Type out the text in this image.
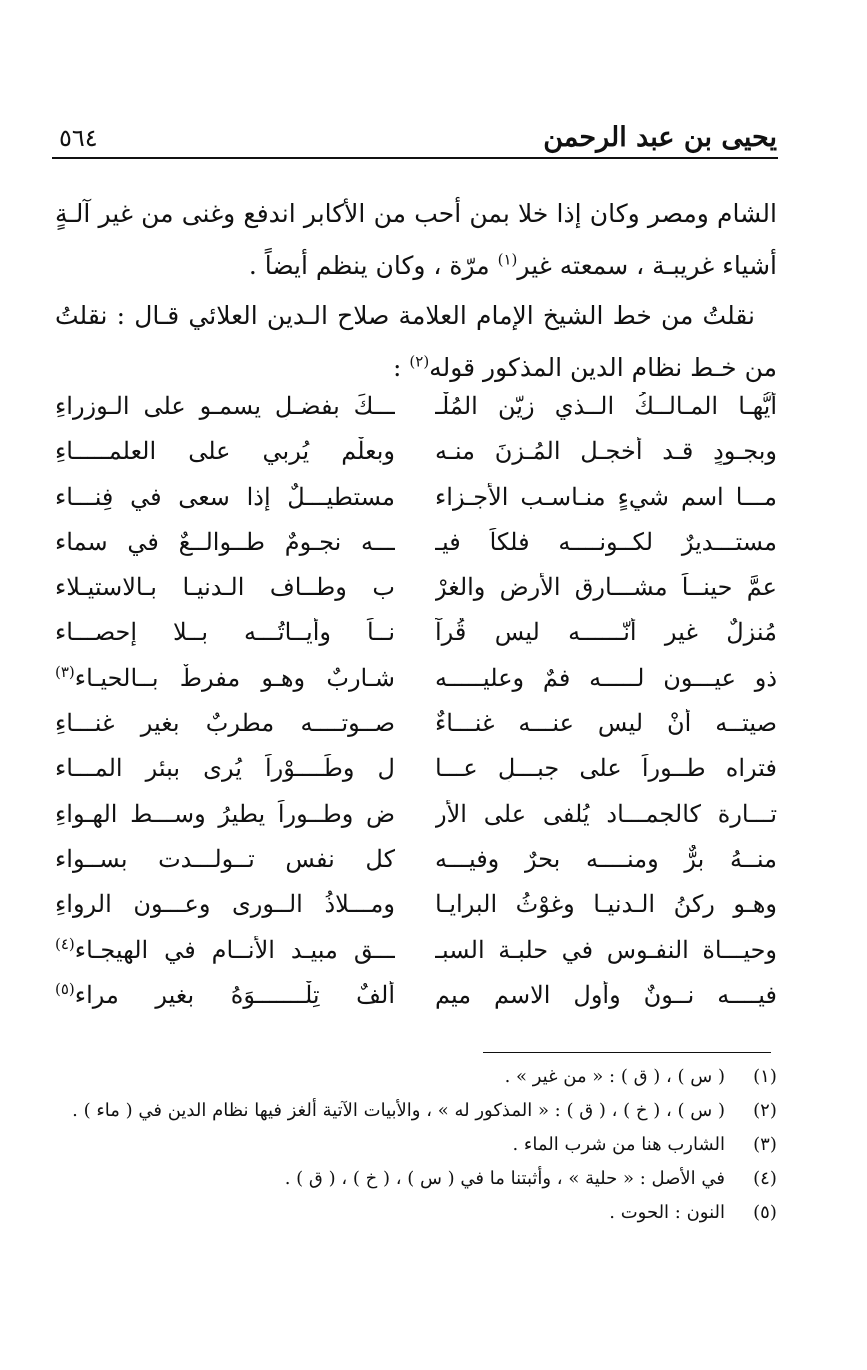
يحيى بن عبد الرحمن
٥٦٤

الشام ومصر وكان إذا خلا بمن أحب من الأكابر اندفع وغنى من غير آلـةٍ أشياء غريبـة ، سمعته غير$^{(١)}$ مرّة ، وكان ينظم أيضاً .

نقلتُ من خط الشيخ الإمام العلامة صلاح الـدين العلائي قـال : نقلتُ من خـط نظام الدين المذكور قوله$^{(٢)}$ :

أيُّهـا المـالــكُ الــذي زيّن المُلْـ
ـــكَ بفضـلٍ يسمـو على الـوزراءِ
وبجـودٍ قـد أخجـل المُـزنَ منـه
وبعلْم يُربي على العلمـــــاءِ
مـــا اسم شيءٍ منـاسـب الأجـزاء
مستطيـــلٌ إذا سعى في فِنـــاء
مستـــديرٌ لكــونــــه فلكاً فيـ
ـــه نجـومٌ طــوالــعٌ في سماء
عمَّ حينــاً مشـــارق الأرض والغرْ
ب وطــاف الـدنيـا بـالاستيـلاء
مُنزلٌ غير أنّــــــه ليس قُرآ
نــاً وأيــاتُـــه بــلا إحصـــاء
ذو عيـــون لـــــه فمٌ وعليـــــه
شـاربٌ وهـو مفرطٌ بــالحيـاء$^{(٣)}$
صيتــه أنْ ليس عنـــه غنـــاءٌ
صــوتــــه مطربٌ بغير غنـــاءِ
فتراه طــوراً على جبـــلٍ عـــا
لِ وطَــــوْراً يُرى ببئر المـــاء
تـــارة كالجمـــاد يُلفى على الأر
ضِ وطــوراً يطيرُ وســـط الهـواءِ
منــهُ برٌّ ومنــــه بحرٌ وفيـــه
كل نفسٍ تــولـــدت بســواء
وهـو ركنُ الـدنيـا وغوْثُ البرايـا
ومـــلاذُ الــورى وعـــون الرواءِ
وحيـــاة النفـوسِ في حلبـة السبـ
ـــق مبيـد الأنــام في الهيجـاء$^{(٤)}$
فيــــه نــونٌ وأول الاسم ميم
ألفٌ تِلْـــــــوَهُ بغير مراء$^{(٥)}$
(١)
( س ) ، ( ق ) : « من غير » .
(٢)
( س ) ، ( خ ) ، ( ق ) : « المذكور له » ، والأبيات الآتية ألغز فيها نظام الدين في ( ماء ) .
(٣)
الشارب هنا من شرب الماء .
(٤)
في الأصل : « حلية » ، وأثبتنا ما في ( س ) ، ( خ ) ، ( ق ) .
(٥)
النون : الحوت .
